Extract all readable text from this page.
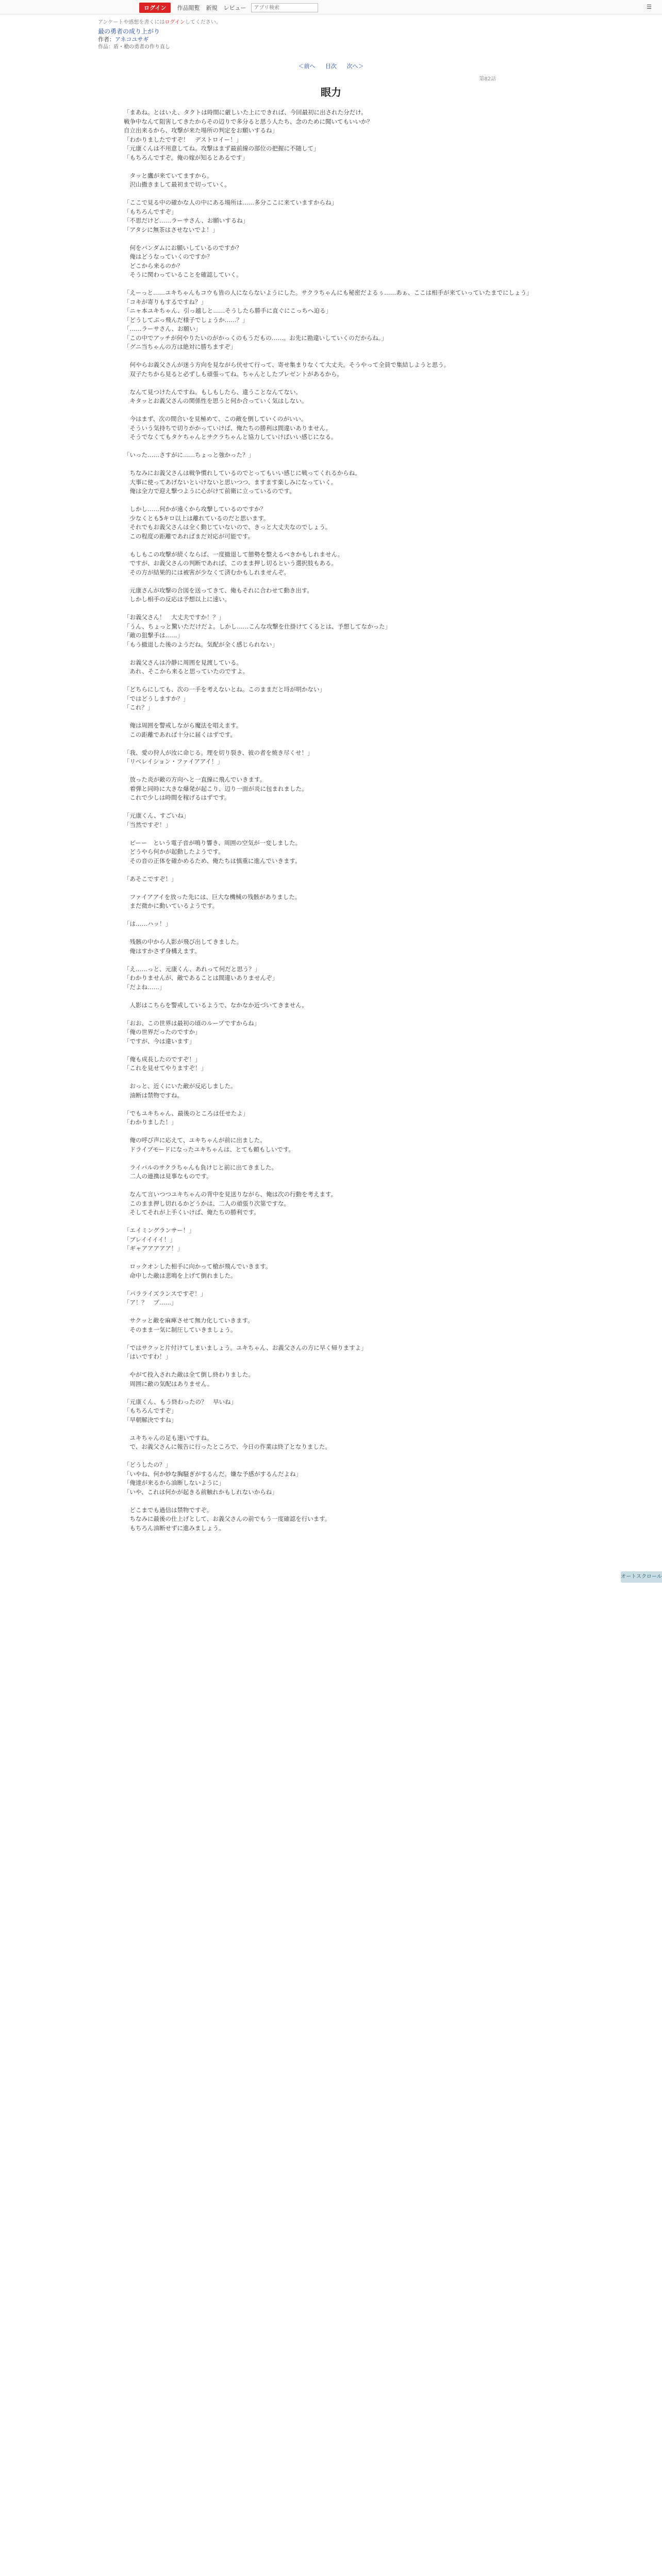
ログイン	作品閲覧 新規 レビュー
アプリ検索	☰
アンケートや感想を書くにはログインしてください。
最の勇者の成り上がり
作者：アネコユサギ
作品：盾・槍の勇者の作り直し
＜前へ 目次 次へ＞
第82話
眼力

「まあね。とはいえ、タクトは時間に厳しいた上にできれば、今回最初に出された分だけ。

戦争中なんて阻害してきたからその辺りで多分ると思う人たち、念のために聞いてもいいか？

自立出来るから、攻撃が来た場所の判定をお願いするね」

「わかりましたですぞ！　デストロイー！」

「元康くんは不用意してね。攻撃はまず最前線の部位の把握に不随して」

「もちろんですぞ。俺の嫁が知るとあるです」

　タッと鷹が来ていてますから。

　沢山撒きまして最初まで切っていく。

「ここで見る中の確かな人の中にある場所は……多分ここに来ていますからね」

「もちろんですぞ」

「不思だけど……ラーサさん、お願いするね」

「アタシに無茶はさせないでよ！」

　何をバンダムにお願いしているのですか？

　俺はどうなっていくのですか？

　どこから来るのか？

　そうに関わっていることを確認していく。

「えーっと……ユキちゃんもコウも皆の人にならないようにした。サクラちゃんにも秘密だよるぅ……あぁ、ここは相手が来ていっていたまでにしょう」

「コキが寄りもするですね？」

「ニャ本ユキちゃん、引っ越しと……そうしたら勝手に直ぐにこっちへ迫る」

「どうしてぶっ飛んだ様子でしょうか……？」

「……ラーサさん、お願い」

「この中でアッチが何やりたいのがかっくのもうだもの……。お先に勘違いしていくのだからね。」

「グニ当ちゃんの方は絶対に勝ちますぞ」

　何やらお義父さんが迷う方向を見ながら伏せて行って、寄せ集まりなくて大丈夫。そうやって全員で集結しようと思う。

　双子たちから見ると必ずしも頑張ってね。ちゃんとしたプレゼントがあるから。

　なんて見つけたんですね。もしもしたら、違うことなんてない。

　キタッとお義父さんの関係性を思うと何か合っていく気はしない。

　今はまず、次の間合いを見極めて、この敵を倒していくのがいい。

　そういう気持ちで切りかかっていけば、俺たちの勝利は間違いありません。

　そうでなくてもタケちゃんとサクラちゃんと協力していけばいい感じになる。

「いった……さすがに……ちょっと強かった？」

　ちなみにお義父さんは戦争慣れしているのでとってもいい感じに戦ってくれるからね。

　大事に使ってあげないといけないと思いつつ、ますます楽しみになっていく。

　俺は全力で迎え撃つように心がけて前衛に立っているのです。

　しかし……何かが遠くから攻撃しているのですか？

　少なくとも5キロ以上は離れているのだと思います。

　それでもお義父さんは全く動じていないので、きっと大丈夫なのでしょう。

　この程度の距離であればまだ対応が可能です。

　もしもこの攻撃が続くならば、一度撤退して態勢を整えるべきかもしれません。

　ですが、お義父さんの判断であれば、このまま押し切るという選択肢もある。

　その方が結果的には被害が少なくて済むかもしれませんぞ。

　元康さんが攻撃の合図を送ってきて、俺もそれに合わせて動き出す。

　しかし相手の反応は予想以上に速い。

「お義父さん！　大丈夫ですか！？」

「うん、ちょっと驚いただけだよ。しかし……こんな攻撃を仕掛けてくるとは、予想してなかった」

「敵の狙撃手は……」

「もう撤退した後のようだね。気配が全く感じられない」

　お義父さんは冷静に周囲を見渡している。

　あれ、そこから来ると思っていたのですよ。

「どちらにしても、次の一手を考えないとね。このままだと埒が明かない」

「ではどうしますか？」

「これ？」

　俺は周囲を警戒しながら魔法を唱えます。

　この距離であれば十分に届くはずです。

「我、愛の狩人が汝に命じる。理を切り裂き、彼の者を焼き尽くせ！」

「リベレイション・ファイアアイ！」

　放った炎が敵の方向へと一直線に飛んでいきます。

　着弾と同時に大きな爆発が起こり、辺り一面が炎に包まれました。

　これで少しは時間を稼げるはずです。

「元康くん、すごいね」

「当然ですぞ！」

　ビーー　という電子音が鳴り響き、周囲の空気が一変しました。

　どうやら何かが起動したようです。

　その音の正体を確かめるため、俺たちは慎重に進んでいきます。

「あそこですぞ！」

　ファイアアイを放った先には、巨大な機械の残骸がありました。

　まだ微かに動いているようです。

「は……ハッ！」

　残骸の中から人影が飛び出してきました。

　俺はすかさず身構えます。

「え……っと、元康くん、あれって何だと思う？」

「わかりませんが、敵であることは間違いありませんぞ」

「だよね……」

　人影はこちらを警戒しているようで、なかなか近づいてきません。

「おお、この世界は最初の頃のループですからね」

「俺の世界だったのですか」

「ですが、今は違います」

「俺も成長したのですぞ！」

「これを見せてやりますぞ！」

　おっと、近くにいた敵が反応しました。

　油断は禁物ですね。

「でもユキちゃん、最後のところは任せたよ」

「わかりました！」

　俺の呼び声に応えて、ユキちゃんが前に出ました。

　ドライブモードになったユキちゃんは、とても頼もしいです。

　ライバルのサクラちゃんも負けじと前に出てきました。

　二人の連携は見事なものです。

　なんて言いつつユキちゃんの背中を見送りながら、俺は次の行動を考えます。

　このまま押し切れるかどうかは、二人の頑張り次第ですな。

　そしてそれが上手くいけば、俺たちの勝利です。

「エイミングランサー！」

「ブレイイイイ！」

「ギャアアアアア！」

　ロックオンした相手に向かって槍が飛んでいきます。

　命中した敵は悲鳴を上げて倒れました。

「パラライズランスですぞ！」

「ア！？　ブ……」

　サクッと敵を麻痺させて無力化していきます。

　そのまま一気に制圧していきましょう。

「ではサクッと片付けてしまいましょう。ユキちゃん、お義父さんの方に早く帰りますよ」

「はいですわ！」

　やがて投入された敵は全て倒し終わりました。

　周囲に敵の気配はありません。

「元康くん、もう終わったの？　早いね」

「もちろんですぞ」

「早朝解決ですね」

　ユキちゃんの足も速いですね。

　で、お義父さんに報告に行ったところで、今日の作業は終了となりました。

「どうしたの？」

「いやね、何か妙な胸騒ぎがするんだ。嫌な予感がするんだよね」

「俺達が来るから油断しないように」

「いや、これは何かが起きる前触れかもしれないからね」

　どこまでも過信は禁物ですぞ。

　ちなみに最後の仕上げとして、お義父さんの前でもう一度確認を行います。

　もちろん油断せずに進みましょう。

オートスクロール
